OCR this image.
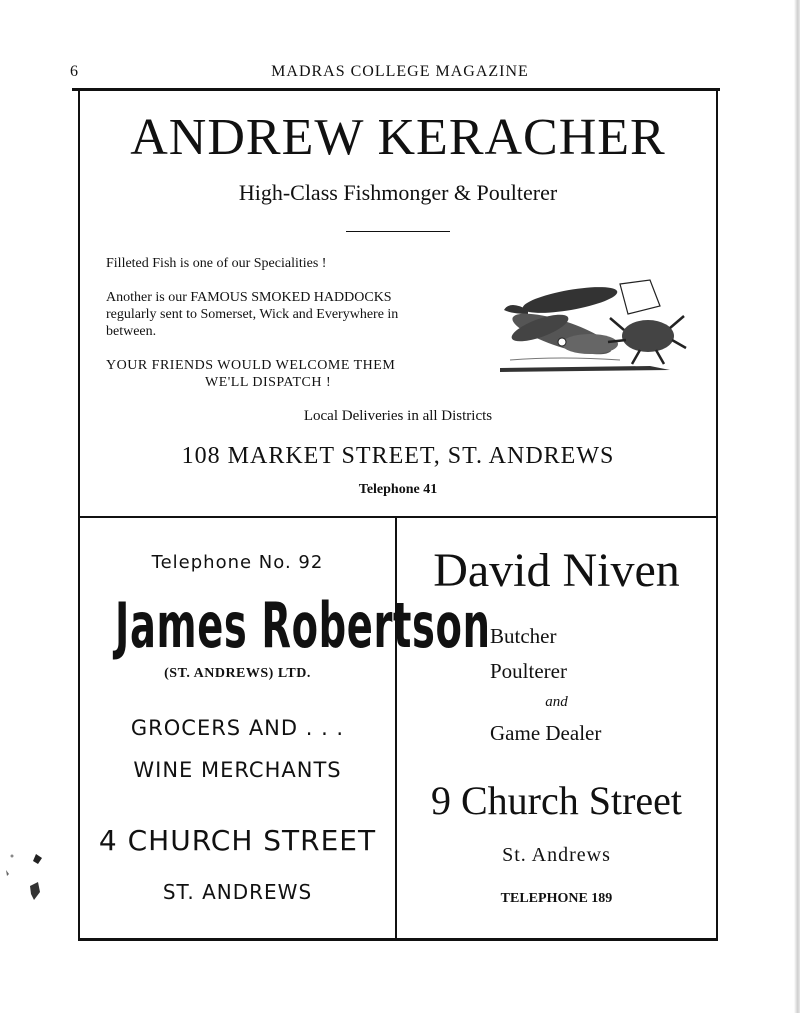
6	MADRAS COLLEGE MAGAZINE
ANDREW KERACHER
High-Class Fishmonger & Poulterer
Filleted Fish is one of our Specialities !
Another is our FAMOUS SMOKED HADDOCKS
regularly sent to Somerset, Wick and Everywhere in
between.
YOUR FRIENDS WOULD WELCOME THEM
WE'LL DISPATCH !
Local Deliveries in all Districts
108 MARKET STREET, ST. ANDREWS
Telephone 41
Telephone No. 92
James Robertson
(ST. ANDREWS) LTD.
GROCERS AND . . .
WINE MERCHANTS
4 CHURCH STREET
ST. ANDREWS
David Niven
Butcher
Poulterer
and
Game Dealer
9 Church Street
St. Andrews
TELEPHONE 189
